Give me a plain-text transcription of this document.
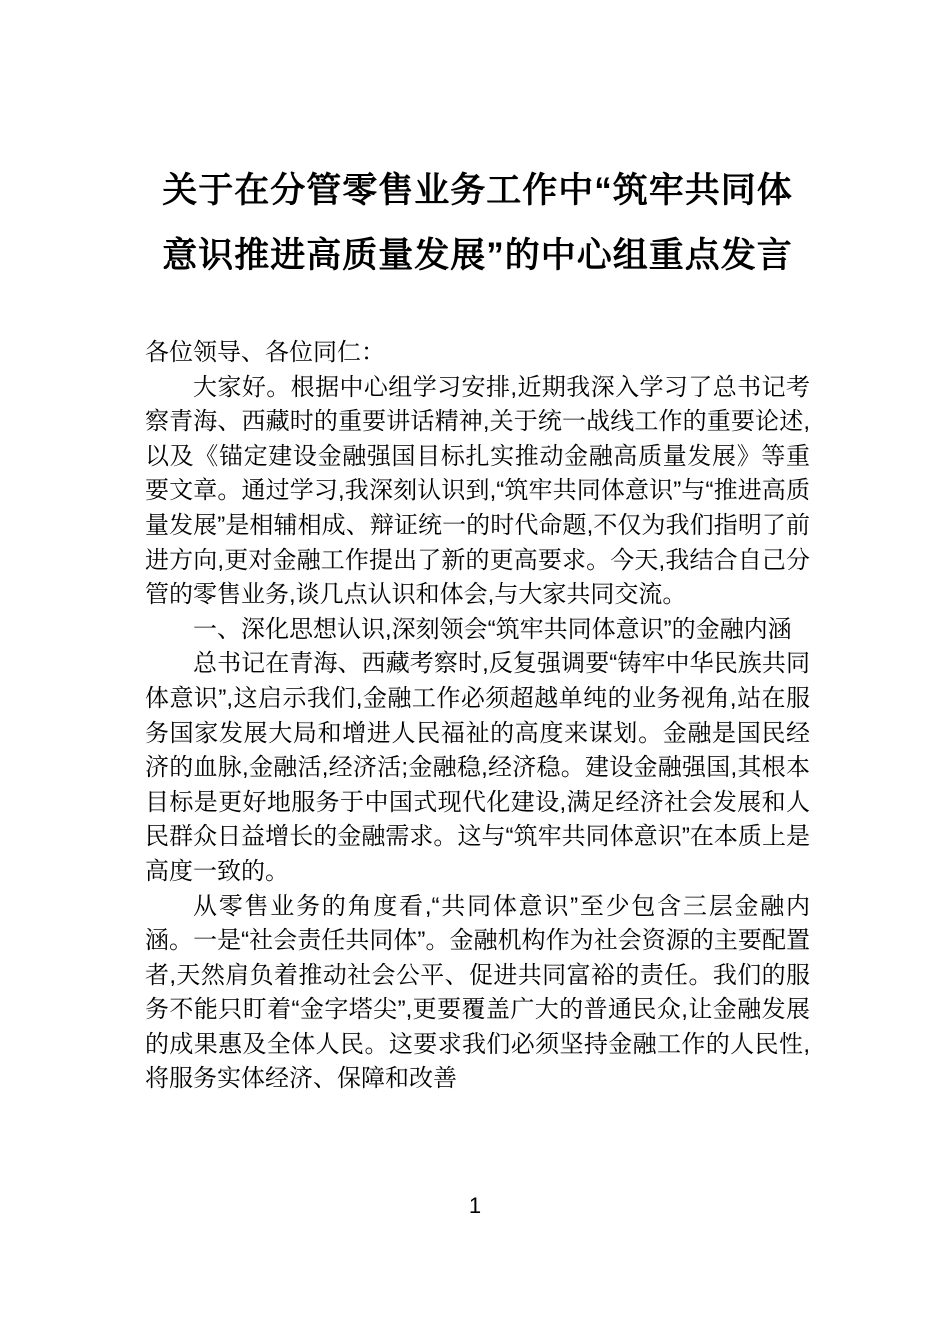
关于在分管零售业务工作中“筑牢共同体
意识推进高质量发展”的中心组重点发言

各位领导、各位同仁：

大家好。根据中心组学习安排,近期我深入学习了总书记考察青海、西藏时的重要讲话精神,关于统一战线工作的重要论述,以及《锚定建设金融强国目标扎实推动金融高质量发展》等重要文章。通过学习,我深刻认识到,“筑牢共同体意识”与“推进高质量发展”是相辅相成、辩证统一的时代命题,不仅为我们指明了前进方向,更对金融工作提出了新的更高要求。今天,我结合自己分管的零售业务,谈几点认识和体会,与大家共同交流。

一、深化思想认识,深刻领会“筑牢共同体意识”的金融内涵

总书记在青海、西藏考察时,反复强调要“铸牢中华民族共同体意识”,这启示我们,金融工作必须超越单纯的业务视角,站在服务国家发展大局和增进人民福祉的高度来谋划。金融是国民经济的血脉,金融活,经济活;金融稳,经济稳。建设金融强国,其根本目标是更好地服务于中国式现代化建设,满足经济社会发展和人民群众日益增长的金融需求。这与“筑牢共同体意识”在本质上是高度一致的。

从零售业务的角度看,“共同体意识”至少包含三层金融内涵。一是“社会责任共同体”。金融机构作为社会资源的主要配置者,天然肩负着推动社会公平、促进共同富裕的责任。我们的服务不能只盯着“金字塔尖”,更要覆盖广大的普通民众,让金融发展的成果惠及全体人民。这要求我们必须坚持金融工作的人民性,将服务实体经济、保障和改善

1
